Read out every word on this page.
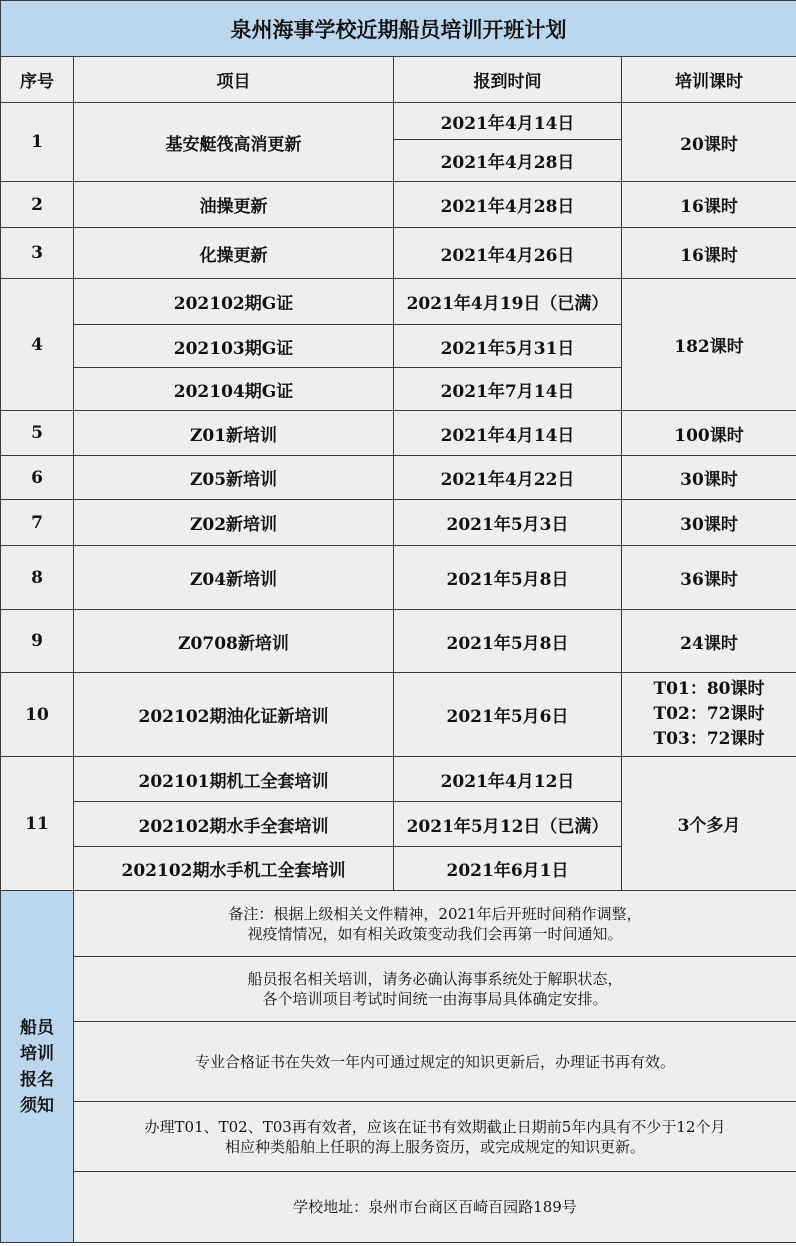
泉州海事学校近期船员培训开班计划			
序号	项目	报到时间	培训课时
1	基安艇筏高消更新	2021年4月14日	20课时
		2021年4月28日	
2	油操更新	2021年4月28日	16课时
3	化操更新	2021年4月26日	16课时
4	202102期G证	2021年4月19日（已满）	182课时
	202103期G证	2021年5月31日	
	202104期G证	2021年7月14日	
5	Z01新培训	2021年4月14日	100课时
6	Z05新培训	2021年4月22日	30课时
7	Z02新培训	2021年5月3日	30课时
8	Z04新培训	2021年5月8日	36课时
9	Z0708新培训	2021年5月8日	24课时
10	202102期油化证新培训	2021年5月6日	T01：80课时
T02：72课时
T03：72课时

11	202101期机工全套培训	2021年4月12日	3个多月
	202102期水手全套培训	2021年5月12日（已满）	
	202102期水手机工全套培训	2021年6月1日	

船员
培训
报名
须知	备注：根据上级相关文件精神，2021年后开班时间稍作调整，
视疫情情况，如有相关政策变动我们会再第一时间通知。		

	船员报名相关培训，请务必确认海事系统处于解职状态，
各个培训项目考试时间统一由海事局具体确定安排。		

	专业合格证书在失效一年内可通过规定的知识更新后，办理证书再有效。		

	办理T01、T02、T03再有效者，应该在证书有效期截止日期前5年内具有不少于12个月
相应种类船舶上任职的海上服务资历，或完成规定的知识更新。		

	学校地址：泉州市台商区百崎百园路189号		
